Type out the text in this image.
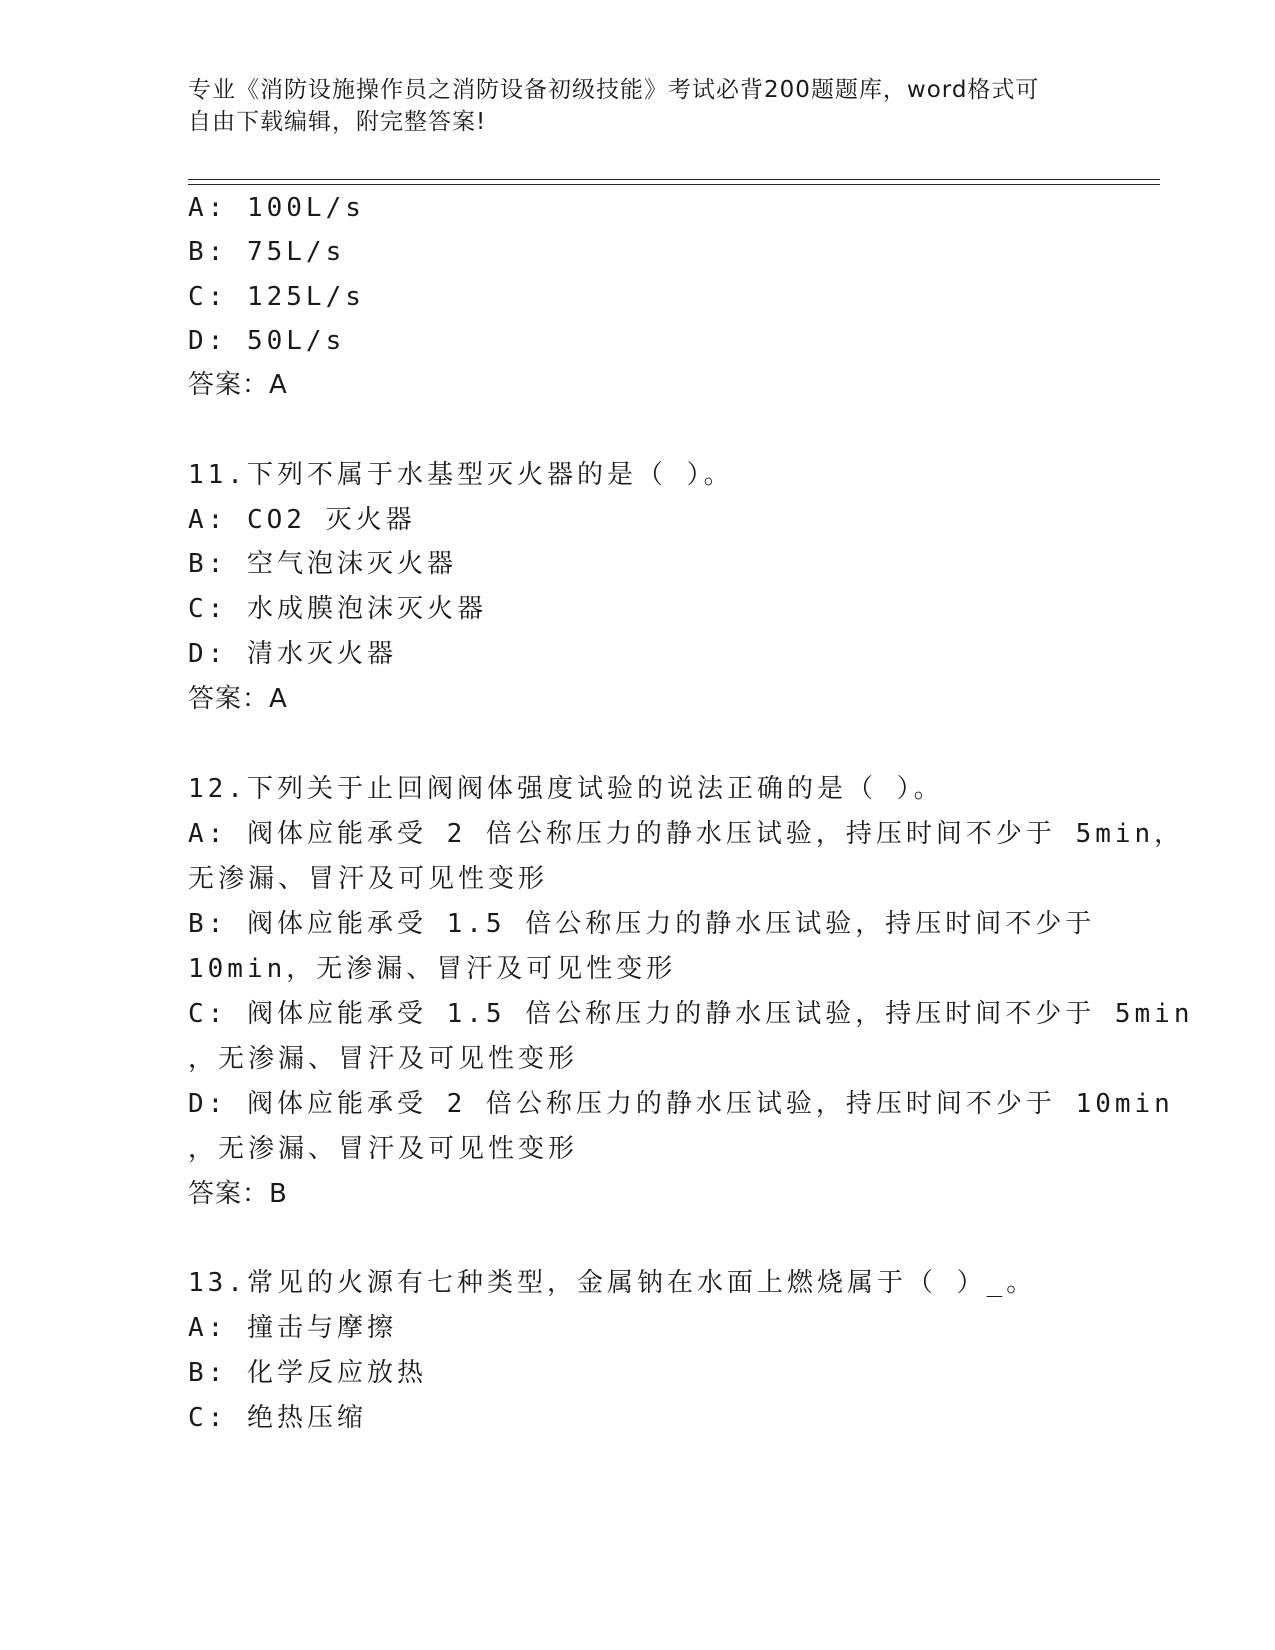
专业《消防设施操作员之消防设备初级技能》考试必背200题题库，word格式可
自由下载编辑，附完整答案!
A: 100L/s
B: 75L/s
C: 125L/s
D: 50L/s
答案：A
11.下列不属于水基型灭火器的是（ ）。
A: CO2 灭火器
B: 空气泡沫灭火器
C: 水成膜泡沫灭火器
D: 清水灭火器
答案：A
12.下列关于止回阀阀体强度试验的说法正确的是（ ）。
A: 阀体应能承受 2 倍公称压力的静水压试验，持压时间不少于 5min，
无渗漏、冒汗及可见性变形
B: 阀体应能承受 1.5 倍公称压力的静水压试验，持压时间不少于
10min，无渗漏、冒汗及可见性变形
C: 阀体应能承受 1.5 倍公称压力的静水压试验，持压时间不少于 5min
，无渗漏、冒汗及可见性变形
D: 阀体应能承受 2 倍公称压力的静水压试验，持压时间不少于 10min
，无渗漏、冒汗及可见性变形
答案：B
13.常见的火源有七种类型，金属钠在水面上燃烧属于（ ）_。
A: 撞击与摩擦
B: 化学反应放热
C: 绝热压缩
